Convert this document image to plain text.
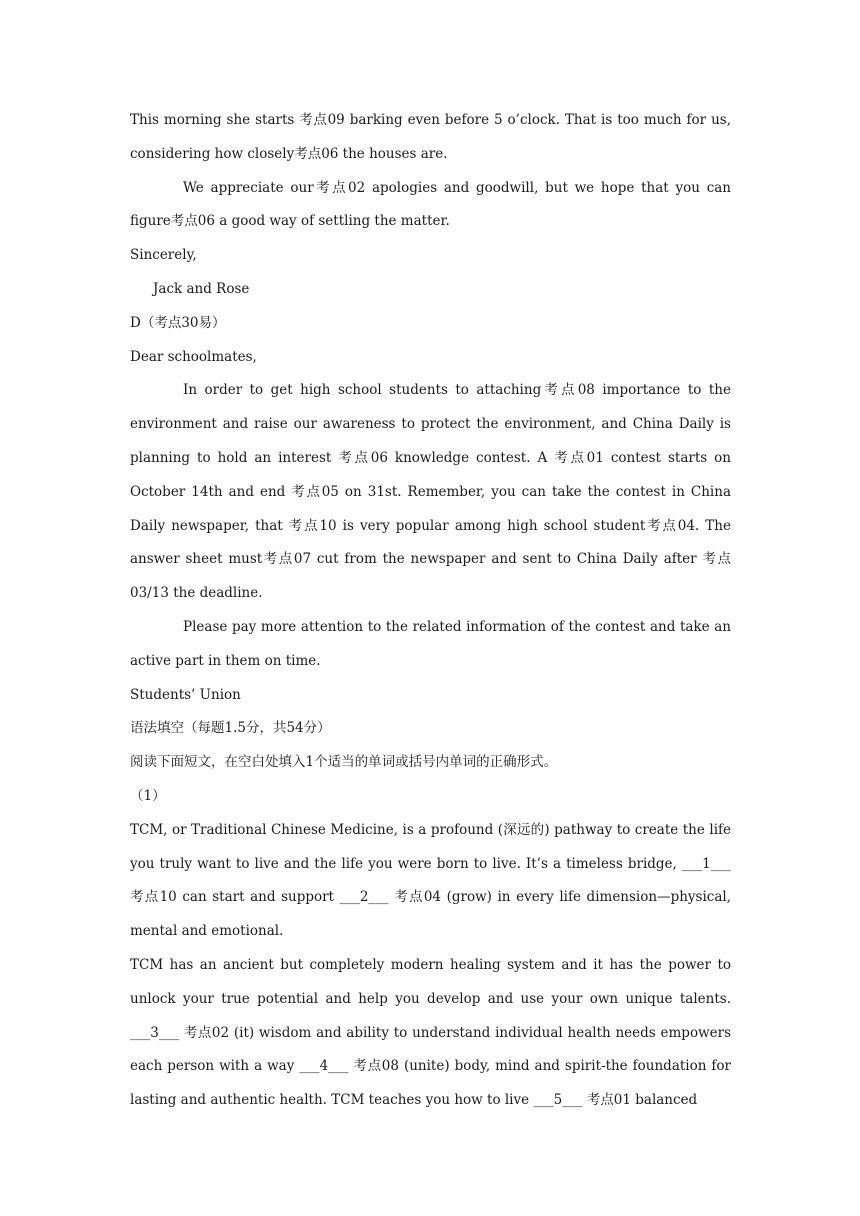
This morning she starts 考点09 barking even before 5 o’clock. That is too much for us, considering how closely考点06 the houses are.

We appreciate our考点02 apologies and goodwill, but we hope that you can figure考点06 a good way of settling the matter.

Sincerely,

Jack and Rose

D（考点30易）

Dear schoolmates,

In order to get high school students to attaching考点08 importance to the environment and raise our awareness to protect the environment, and China Daily is planning to hold an interest 考点06 knowledge contest. A 考点01 contest starts on October 14th and end 考点05 on 31st. Remember, you can take the contest in China Daily newspaper, that 考点10 is very popular among high school student考点04. The answer sheet must考点07 cut from the newspaper and sent to China Daily after 考点03/13 the deadline.

Please pay more attention to the related information of the contest and take an active part in them on time.

Students’ Union

语法填空（每题1.5分，共54分）

阅读下面短文，在空白处填入1个适当的单词或括号内单词的正确形式。

（1）

TCM, or Traditional Chinese Medicine, is a profound (深远的) pathway to create the life you truly want to live and the life you were born to live. It’s a timeless bridge, ___1___考点10 can start and support ___2___ 考点04 (grow) in every life dimension—physical, mental and emotional.

TCM has an ancient but completely modern healing system and it has the power to unlock your true potential and help you develop and use your own unique talents. ___3___ 考点02 (it) wisdom and ability to understand individual health needs empowers each person with a way ___4___ 考点08 (unite) body, mind and spirit-the foundation for lasting and authentic health. TCM teaches you how to live ___5___ 考点01 balanced
